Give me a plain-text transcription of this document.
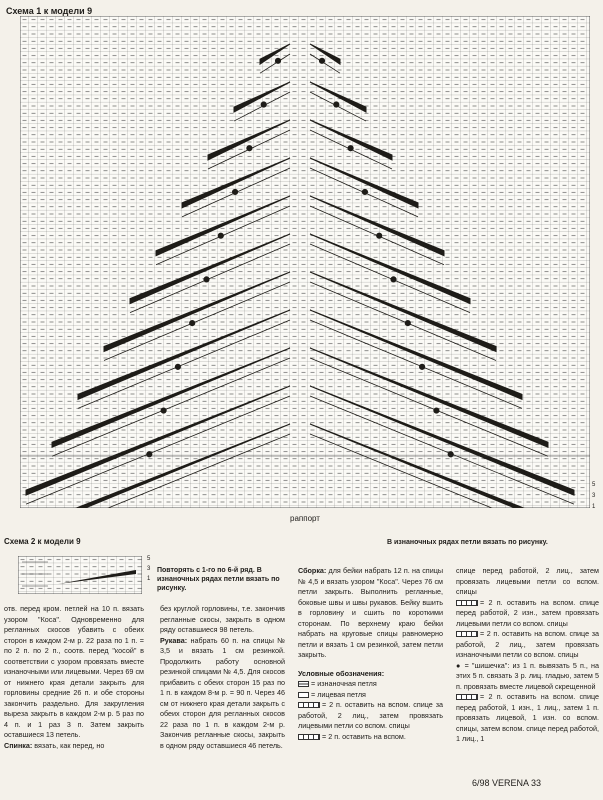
Схема 1 к модели 9
5
3
1
раппорт
Схема 2 к модели 9	В изнаночных рядах петли вязать по рисунку.
5
3
1
Повторять с 1-го по 6-й ряд. В изнаночных рядах петли вязать по рисунку.
отв. перед кром. петлей на 10 п. вязать узором "Коса". Одновременно для регланных скосов убавить с обеих сторон в каждом 2-м р. 22 раза по 1 п. = по 2 п. по 2 п., соотв. перед "косой" в соответствии с узором провязать вместе изнаночными или лицевыми. Через 69 см от нижнего края детали закрыть для горловины средние 26 п. и обе стороны закончить раздельно. Для закругления выреза закрыть в каждом 2-м р. 5 раз по 4 п. и 1 раз 3 п. Затем закрыть оставшиеся 13 петель.
Спинка: вязать, как перед, но
без круглой горловины, т.е. закончив регланные скосы, закрыть в одном ряду оставшиеся 98 петель.
Рукава: набрать 60 п. на спицы № 3,5 и вязать 1 см резинкой. Продолжить работу основной резинкой спицами № 4,5. Для скосов прибавить с обеих сторон 15 раз по 1 п. в каждом 8-м р. = 90 п. Через 46 см от нижнего края детали закрыть с обеих сторон для регланных скосов 22 раза по 1 п. в каждом 2-м р. Закончив регланные скосы, закрыть в одном ряду оставшиеся 46 петель.
Сборка: для бейки набрать 12 п. на спицы № 4,5 и вязать узором "Коса". Через 76 см петли закрыть. Выполнить регланные, боковые швы и швы рукавов. Бейку вшить в горловину и сшить по короткими сторонам. По верхнему краю бейки набрать на круговые спицы равномерно петли и вязать 1 см резинкой, затем петли закрыть.
Условные обозначения:
= изнаночная петля
= лицевая петля
= 2 п. оставить на вспом. спице за работой, 2 лиц., затем провязать лицевыми петли со вспом. спицы
= 2 п. оставить на вспом.
спице перед работой, 2 лиц., затем провязать лицевыми петли со вспом. спицы
= 2 п. оставить на вспом. спице перед работой, 2 изн., затем провязать лицевыми петли со вспом. спицы
= 2 п. оставить на вспом. спице за работой, 2 лиц., затем провязать изнаночными петли со вспом. спицы
● = "шишечка": из 1 п. вывязать 5 п., на этих 5 п. связать 3 р. лиц. гладью, затем 5 п. провязать вместе лицевой скрещенной
= 2 п. оставить на вспом. спице перед работой, 1 изн., 1 лиц., затем 1 п. провязать лицевой, 1 изн. со вспом. спицы, затем вспом. спице перед работой, 1 лиц., 1
6/98 VERENA 33
